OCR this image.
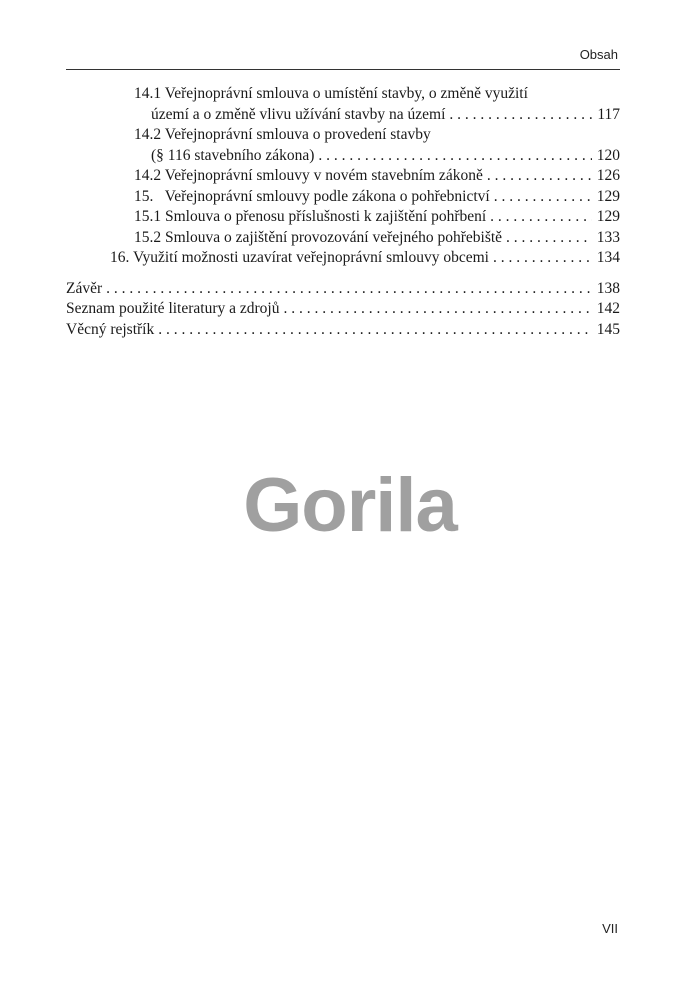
Obsah
14.1 Veřejnoprávní smlouva o umístění stavby, o změně využití
území a o změně vlivu užívání stavby na území . . .	117
14.2 Veřejnoprávní smlouva o provedení stavby
(§ 116 stavebního zákona) . . .	120
14.2 Veřejnoprávní smlouvy v novém stavebním zákoně . . .	126
15.   Veřejnoprávní smlouvy podle zákona o pohřebnictví . . .	129
15.1 Smlouva o přenosu příslušnosti k zajištění pohřbení . . .	129
15.2 Smlouva o zajištění provozování veřejného pohřebiště . . .	133
16. Využití možnosti uzavírat veřejnoprávní smlouvy obcemi . . .	134
Závěr . . .	138
Seznam použité literatury a zdrojů . . .	142
Věcný rejstřík . . .	145
Gorila
VII
